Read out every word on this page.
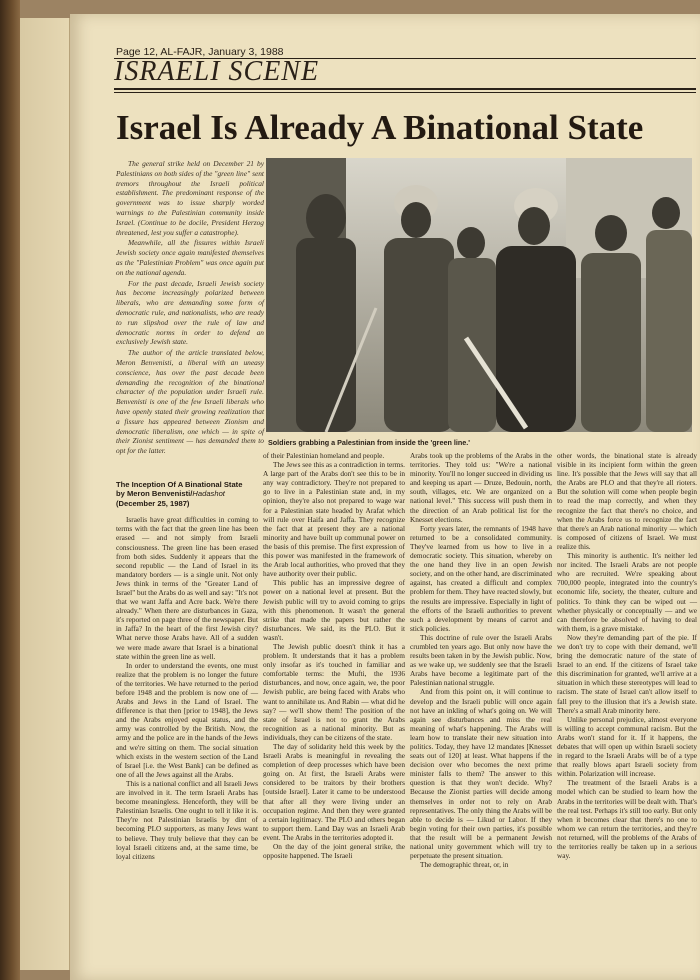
Page 12, AL-FAJR, January 3, 1988
ISRAELI SCENE
Israel Is Already A Binational State

The general strike held on December 21 by Palestinians on both sides of the "green line" sent tremors throughout the Israeli political establishment. The predominant response of the government was to issue sharply worded warnings to the Palestinian community inside Israel. (Continue to be docile, President Herzog threatened, lest you suffer a catastrophe).

Meanwhile, all the fissures within Israeli Jewish society once again manifested themselves as the "Palestinian Problem" was once again put on the national agenda.

For the past decade, Israeli Jewish society has become increasingly polarized between liberals, who are demanding some form of democratic rule, and nationalists, who are ready to run slipshod over the rule of law and democratic norms in order to defend an exclusively Jewish state.

The author of the article translated below, Meron Benvenisti, a liberal with an uneasy conscience, has over the past decade been demanding the recognition of the binational character of the population under Israeli rule. Benvenisti is one of the few Israeli liberals who have openly stated their growing realization that a fissure has appeared between Zionism and democratic liberalism, one which — in spite of their Zionist sentiment — has demanded them to opt for the latter.

Soldiers grabbing a Palestinian from inside the 'green line.'
The Inception Of A Binational State
by Meron Benvenisti/Hadashot
(December 25, 1987)

Israelis have great difficulties in coming to terms with the fact that the green line has been erased — and not simply from Israeli consciousness. The green line has been erased from both sides. Suddenly it appears that the second republic — the Land of Israel in its mandatory borders — is a single unit. Not only Jews think in terms of the "Greater Land of Israel" but the Arabs do as well and say: "It's not that we want Jaffa and Acre back. We're there already." When there are disturbances in Gaza, it's reported on page three of the newspaper. But in Jaffa? In the heart of the first Jewish city? What nerve those Arabs have. All of a sudden we were made aware that Israel is a binational state within the green line as well.

In order to understand the events, one must realize that the problem is no longer the future of the territories. We have returned to the period before 1948 and the problem is now one of — Arabs and Jews in the Land of Israel. The difference is that then [prior to 1948], the Jews and the Arabs enjoyed equal status, and the army was controlled by the British. Now, the army and the police are in the hands of the Jews and we're sitting on them. The social situation which exists in the western section of the Land of Israel [i.e. the West Bank] can be defined as one of all the Jews against all the Arabs.

This is a national conflict and all Israeli Jews are involved in it. The term Israeli Arabs has become meaningless. Henceforth, they will be Palestinian Israelis. One ought to tell it like it is. They're not Palestinian Israelis by dint of becoming PLO supporters, as many Jews want to believe. They truly believe that they can be loyal Israeli citizens and, at the same time, be loyal citizens

of their Palestinian homeland and people.

The Jews see this as a contradiction in terms. A large part of the Arabs don't see this to be in any way contradictory. They're not prepared to go to live in a Palestinian state and, in my opinion, they're also not prepared to wage war for a Palestinian state headed by Arafat which will rule over Haifa and Jaffa. They recognize the fact that at present they are a national minority and have built up communal power on the basis of this premise. The first expression of this power was manifested in the framework of the Arab local authorities, who proved that they have authority over their public.

This public has an impressive degree of power on a national level at present. But the Jewish public will try to avoid coming to grips with this phenomenon. It wasn't the general strike that made the papers but rather the disturbances. We said, its the PLO. But it wasn't.

The Jewish public doesn't think it has a problem. It understands that it has a problem only insofar as it's touched in familiar and comfortable terms: the Mufti, the 1936 disturbances, and now, once again, we, the poor Jewish public, are being faced with Arabs who want to annihilate us. And Rabin — what did he say? — we'll show them! The position of the state of Israel is not to grant the Arabs recognition as a national minority. But as individuals, they can be citizens of the state.

The day of solidarity held this week by the Israeli Arabs is meaningful in revealing the completion of deep processes which have been going on. At first, the Israeli Arabs were considered to be traitors by their brothers [outside Israel]. Later it came to be understood that after all they were living under an occupation regime. And then they were granted a certain legitimacy. The PLO and others began to support them. Land Day was an Israeli Arab event. The Arabs in the territories adopted it.

On the day of the joint general strike, the opposite happened. The Israeli

Arabs took up the problems of the Arabs in the territories. They told us: "We're a national minority. You'll no longer succeed in dividing us and keeping us apart — Druze, Bedouin, north, south, villages, etc. We are organized on a national level." This success will push them in the direction of an Arab political list for the Knesset elections.

Forty years later, the remnants of 1948 have returned to be a consolidated community. They've learned from us how to live in a democratic society. This situation, whereby on the one hand they live in an open Jewish society, and on the other hand, are discriminated against, has created a difficult and complex problem for them. They have reacted slowly, but the results are impressive. Especially in light of the efforts of the Israeli authorities to prevent such a development by means of carrot and stick policies.

This doctrine of rule over the Israeli Arabs crumbled ten years ago. But only now have the results been taken in by the Jewish public. Now, as we wake up, we suddenly see that the Israeli Arabs have become a legitimate part of the Palestinian national struggle.

And from this point on, it will continue to develop and the Israeli public will once again not have an inkling of what's going on. We will again see disturbances and miss the real meaning of what's happening. The Arabs will learn how to translate their new situation into politics. Today, they have 12 mandates [Knesset seats out of 120] at least. What happens if the decision over who becomes the next prime minister falls to them? The answer to this question is that they won't decide. Why? Because the Zionist parties will decide among themselves in order not to rely on Arab representatives. The only thing the Arabs will be able to decide is — Likud or Labor. If they begin voting for their own parties, it's possible that the result will be a permanent Jewish national unity government which will try to perpetuate the present situation.

The demographic threat, or, in

other words, the binational state is already visible in its incipient form within the green line. It's possible that the Jews will say that all the Arabs are PLO and that they're all rioters. But the solution will come when people begin to read the map correctly, and when they recognize the fact that there's no choice, and when the Arabs force us to recognize the fact that there's an Arab national minority — which is composed of citizens of Israel. We must realize this.

This minority is authentic. It's neither led nor incited. The Israeli Arabs are not people who are recruited. We're speaking about 700,000 people, integrated into the country's economic life, society, the theater, culture and politics. To think they can be wiped out — whether physically or conceptually — and we can therefore be absolved of having to deal with them, is a grave mistake.

Now they're demanding part of the pie. If we don't try to cope with their demand, we'll bring the democratic nature of the state of Israel to an end. If the citizens of Israel take this discrimination for granted, we'll arrive at a situation in which these stereotypes will lead to racism. The state of Israel can't allow itself to fall prey to the illusion that it's a Jewish state. There's a small Arab minority here.

Unlike personal prejudice, almost everyone is willing to accept communal racism. But the Arabs won't stand for it. If it happens, the debates that will open up within Israeli society in regard to the Israeli Arabs will be of a type that really blows apart Israeli society from within. Polarization will increase.

The treatment of the Israeli Arabs is a model which can be studied to learn how the Arabs in the territories will be dealt with. That's the real test. Perhaps it's still too early. But only when it becomes clear that there's no one to whom we can return the territories, and they're not returned, will the problems of the Arabs of the territories really be taken up in a serious way.
